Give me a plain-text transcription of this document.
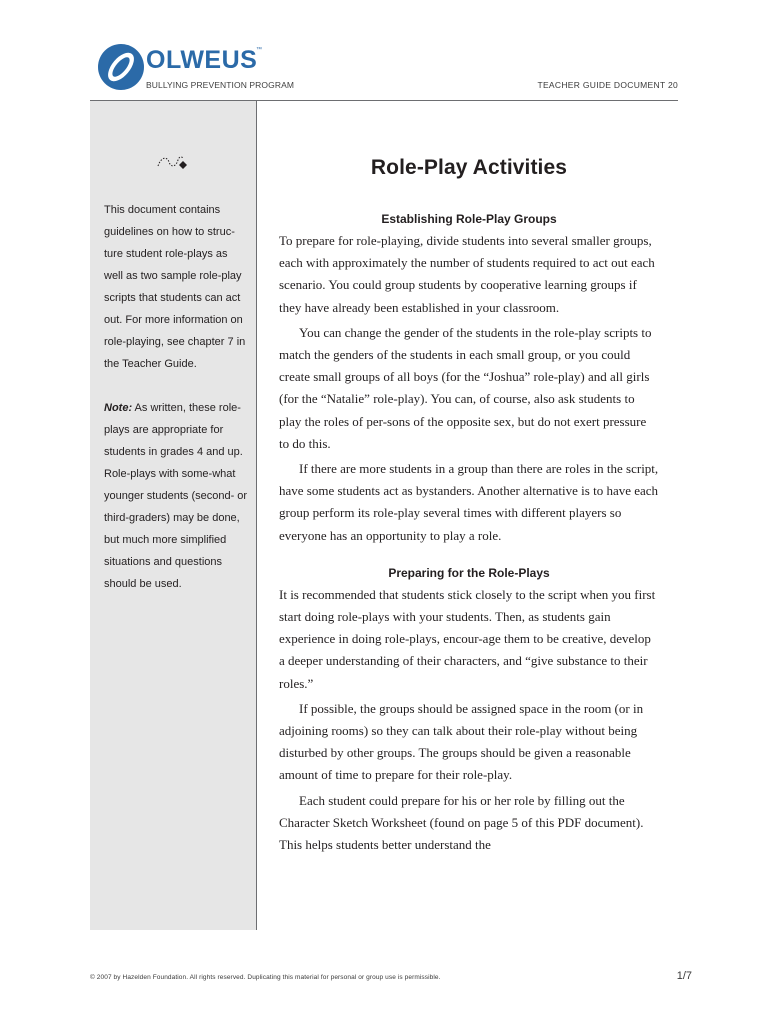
OLWEUS
™
BULLYING PREVENTION PROGRAM	TEACHER GUIDE DOCUMENT 20

This document contains guidelines on how to struc-ture student role-plays as well as two sample role-play scripts that students can act out. For more information on role-playing, see chapter 7 in the Teacher Guide.

Note: As written, these role-plays are appropriate for students in grades 4 and up. Role-plays with some-what younger students (second- or third-graders) may be done, but much more simplified situations and questions should be used.

Role-Play Activities
Establishing Role-Play Groups

To prepare for role-playing, divide students into several smaller groups, each with approximately the number of students required to act out each scenario. You could group students by cooperative learning groups if they have already been established in your classroom.

You can change the gender of the students in the role-play scripts to match the genders of the students in each small group, or you could create small groups of all boys (for the “Joshua” role-play) and all girls (for the “Natalie” role-play). You can, of course, also ask students to play the roles of per-sons of the opposite sex, but do not exert pressure to do this.

If there are more students in a group than there are roles in the script, have some students act as bystanders. Another alternative is to have each group perform its role-play several times with different players so everyone has an opportunity to play a role.

Preparing for the Role-Plays

It is recommended that students stick closely to the script when you first start doing role-plays with your students. Then, as students gain experience in doing role-plays, encour-age them to be creative, develop a deeper understanding of their characters, and “give substance to their roles.”

If possible, the groups should be assigned space in the room (or in adjoining rooms) so they can talk about their role-play without being disturbed by other groups. The groups should be given a reasonable amount of time to prepare for their role-play.

Each student could prepare for his or her role by filling out the Character Sketch Worksheet (found on page 5 of this PDF document). This helps students better understand the

© 2007 by Hazelden Foundation. All rights reserved. Duplicating this material for personal or group use is permissible.	1/7
